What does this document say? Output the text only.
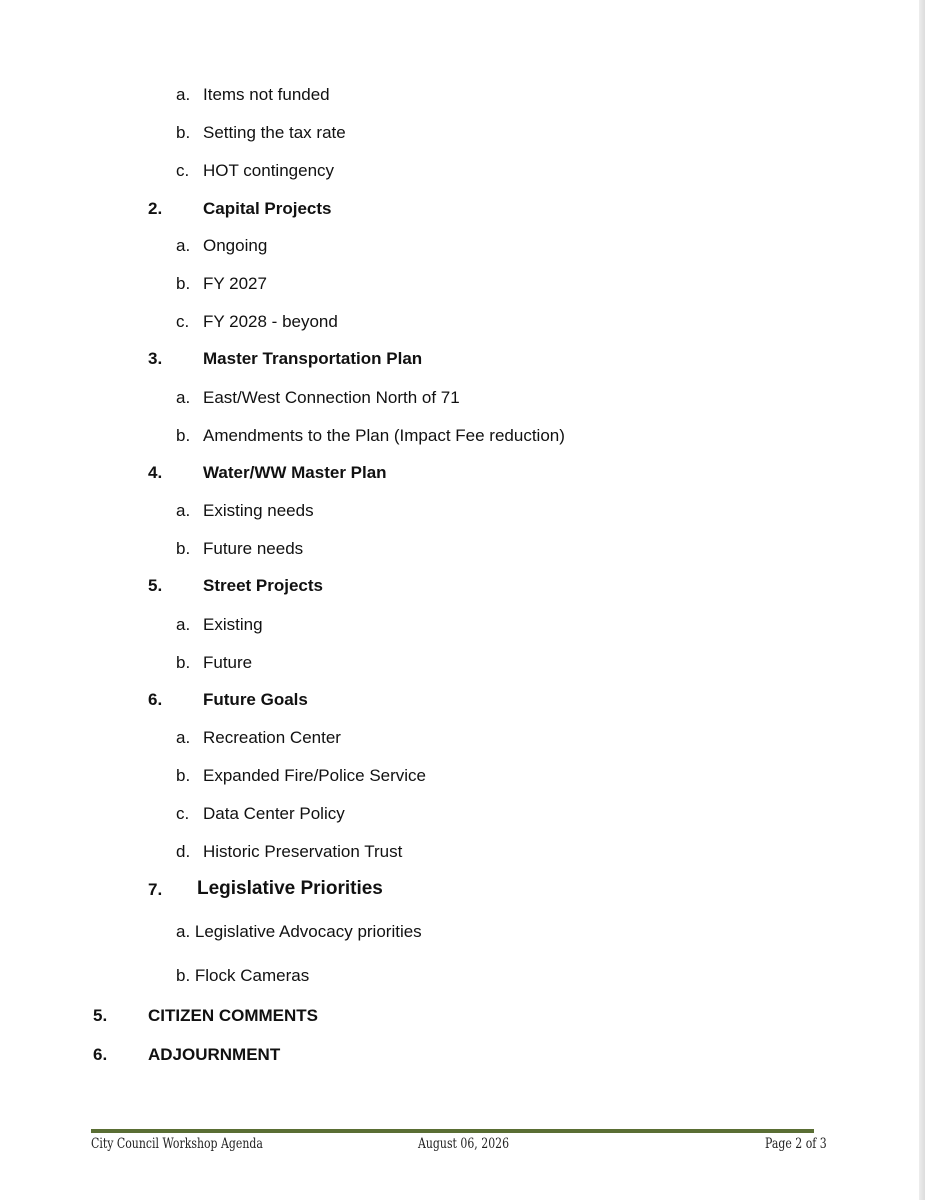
a. Items not funded
b. Setting the tax rate
c. HOT contingency
2. Capital Projects
a. Ongoing
b. FY 2027
c. FY 2028 - beyond
3. Master Transportation Plan
a. East/West Connection North of 71
b. Amendments to the Plan (Impact Fee reduction)
4. Water/WW Master Plan
a. Existing needs
b. Future needs
5. Street Projects
a. Existing
b. Future
6. Future Goals
a. Recreation Center
b. Expanded Fire/Police Service
c. Data Center Policy
d. Historic Preservation Trust
7. Legislative Priorities
a. Legislative Advocacy priorities
b. Flock Cameras
5. CITIZEN COMMENTS
6. ADJOURNMENT
City Council Workshop Agenda	August 06, 2026	Page 2 of 3
